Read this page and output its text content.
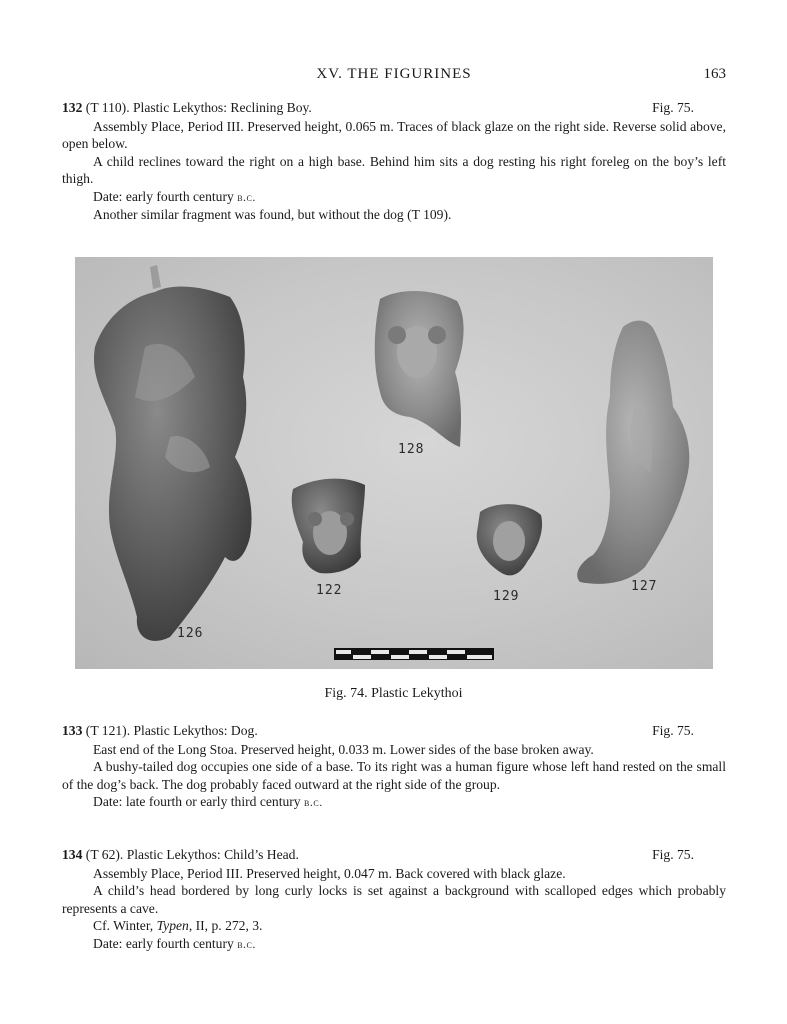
XV. THE FIGURINES	163
132 (T 110). Plastic Lekythos: Reclining Boy.	Fig. 75.

Assembly Place, Period III. Preserved height, 0.065 m. Traces of black glaze on the right side. Reverse solid above, open below.

A child reclines toward the right on a high base. Behind him sits a dog resting his right foreleg on the boy’s left thigh.

Date: early fourth century b.c.

Another similar fragment was found, but without the dog (T 109).

126
128
122	129
127
Fig. 74. Plastic Lekythoi
133 (T 121). Plastic Lekythos: Dog.	Fig. 75.

East end of the Long Stoa. Preserved height, 0.033 m. Lower sides of the base broken away.

A bushy-tailed dog occupies one side of a base. To its right was a human figure whose left hand rested on the small of the dog’s back. The dog probably faced outward at the right side of the group.

Date: late fourth or early third century b.c.

134 (T 62). Plastic Lekythos: Child’s Head.	Fig. 75.

Assembly Place, Period III. Preserved height, 0.047 m. Back covered with black glaze.

A child’s head bordered by long curly locks is set against a background with scalloped edges which probably represents a cave.

Cf. Winter, Typen, II, p. 272, 3.

Date: early fourth century b.c.
